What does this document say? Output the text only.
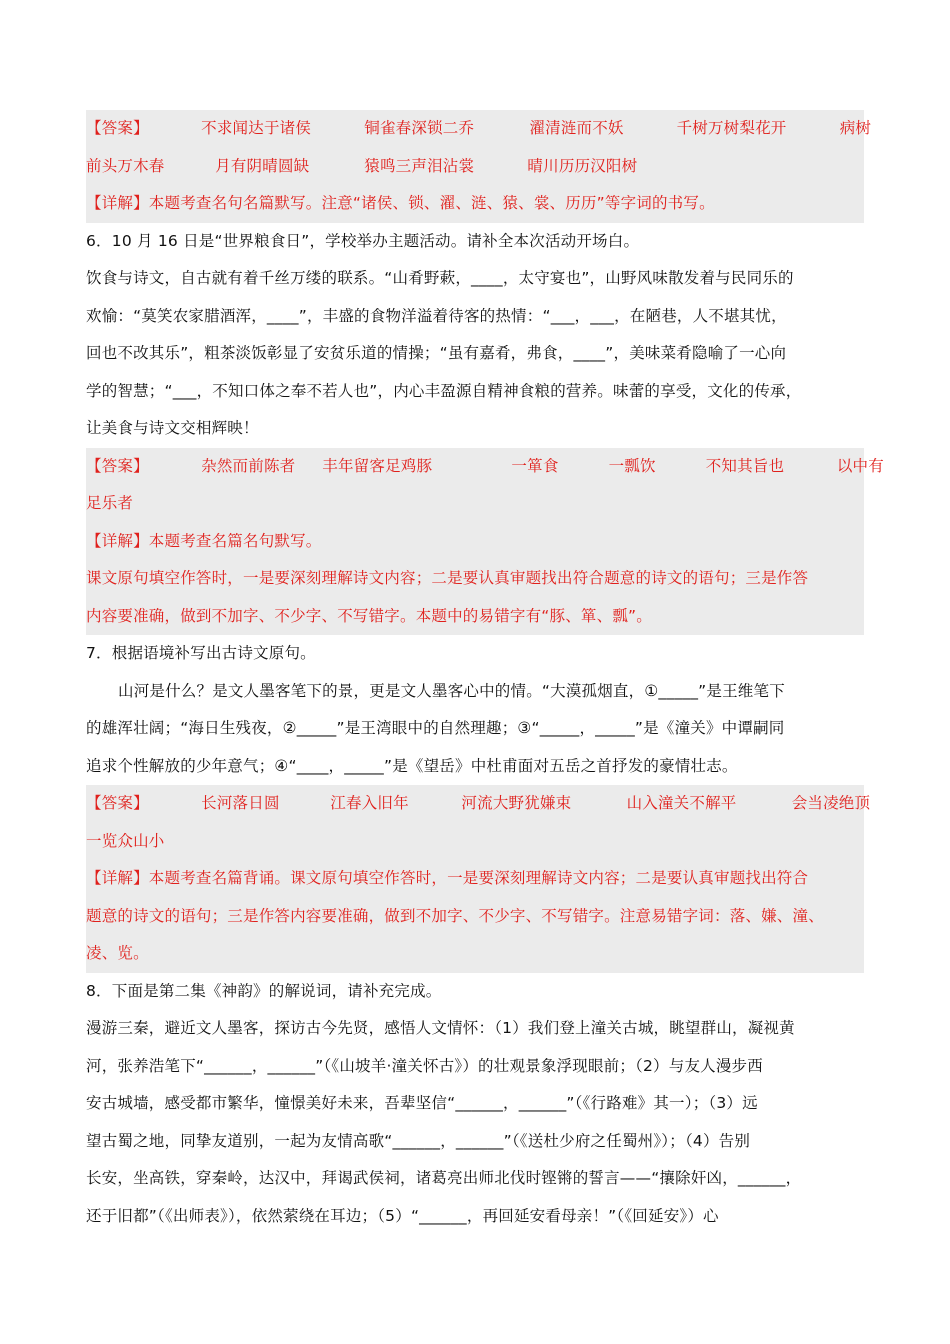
【答案】	不求闻达于诸侯	铜雀春深锁二乔	濯清涟而不妖	千树万树梨花开	病树
前头万木春	月有阴晴圆缺	猿鸣三声泪沾裳	晴川历历汉阳树
【详解】本题考查名句名篇默写。注意“诸侯、锁、濯、涟、猿、裳、历历”等字词的书写。
6．10 月 16 日是“世界粮食日”，学校举办主题活动。请补全本次活动开场白。
饮食与诗文，自古就有着千丝万缕的联系。“山肴野蔌，____，太守宴也”，山野风味散发着与民同乐的
欢愉：“莫笑农家腊酒浑，____”，丰盛的食物洋溢着待客的热情：“___，___，在陋巷，人不堪其忧，
回也不改其乐”，粗茶淡饭彰显了安贫乐道的情操；“虽有嘉肴，弗食，____”，美味菜肴隐喻了一心向
学的智慧；“___，不知口体之奉不若人也”，内心丰盈源自精神食粮的营养。味蕾的享受，文化的传承，
让美食与诗文交相辉映！
【答案】	杂然而前陈者 丰年留客足鸡豚	一箪食	一瓢饮	不知其旨也	以中有
足乐者
【详解】本题考查名篇名句默写。
课文原句填空作答时，一是要深刻理解诗文内容；二是要认真审题找出符合题意的诗文的语句；三是作答
内容要准确，做到不加字、不少字、不写错字。本题中的易错字有“豚、箪、瓢”。
7．根据语境补写出古诗文原句。
山河是什么？是文人墨客笔下的景，更是文人墨客心中的情。“大漠孤烟直，①_____”是王维笔下
的雄浑壮阔；“海日生残夜，②_____”是王湾眼中的自然理趣；③“_____，_____”是《潼关》中谭嗣同
追求个性解放的少年意气；④“____，_____”是《望岳》中杜甫面对五岳之首抒发的豪情壮志。
【答案】	长河落日圆	江春入旧年	河流大野犹嫌束	山入潼关不解平	会当凌绝顶
一览众山小
【详解】本题考查名篇背诵。课文原句填空作答时，一是要深刻理解诗文内容；二是要认真审题找出符合
题意的诗文的语句；三是作答内容要准确，做到不加字、不少字、不写错字。注意易错字词：落、嫌、潼、
凌、览。
8．下面是第二集《神韵》的解说词，请补充完成。
漫游三秦，避近文人墨客，探访古今先贤，感悟人文情怀：（1）我们登上潼关古城，眺望群山，凝视黄
河，张养浩笔下“______，______”（《山坡羊·潼关怀古》）的壮观景象浮现眼前；（2）与友人漫步西
安古城墙，感受都市繁华，憧憬美好未来，吾辈坚信“______，______”（《行路难》其一）；（3）远
望古蜀之地，同挚友道别，一起为友情高歌“______，______”（《送杜少府之任蜀州》）；（4）告别
长安，坐高铁，穿秦岭，达汉中，拜谒武侯祠，诸葛亮出师北伐时铿锵的誓言——“攘除奸凶，______，
还于旧都”（《出师表》），依然萦绕在耳边；（5）“______，再回延安看母亲！”（《回延安》）心
